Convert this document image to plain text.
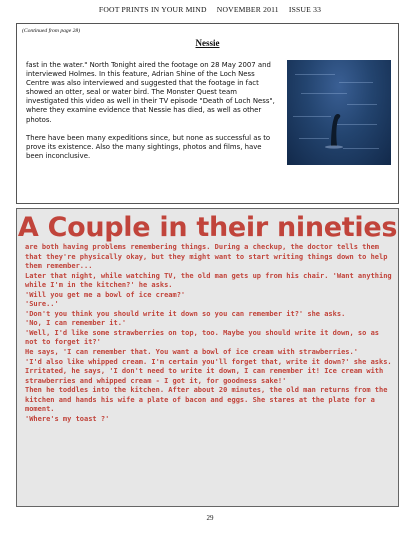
FOOT PRINTS IN YOUR MIND NOVEMBER 2011 ISSUE 33
(Continued from page 28)
Nessie

fast in the water." North Tonight aired the footage on 28 May 2007 and interviewed Holmes. In this feature, Adrian Shine of the Loch Ness Centre was also interviewed and suggested that the footage in fact showed an otter, seal or water bird. The Monster Quest team investigated this video as well in their TV episode "Death of Loch Ness", where they examine evidence that Nessie has died, as well as other photos.

There have been many expeditions since, but none as successful as to prove its existence. Also the many sightings, photos and films, have been inconclusive.

A Couple in their nineties

are both having problems remembering things. During a checkup, the doctor tells them that they're physically okay, but they might want to start writing things down to help them remember...

Later that night, while watching TV, the old man gets up from his chair. 'Want anything while I'm in the kitchen?' he asks.

'Will you get me a bowl of ice cream?'

'Sure..'

'Don't you think you should write it down so you can remember it?' she asks.

'No, I can remember it.'

'Well, I'd like some strawberries on top, too. Maybe you should write it down, so as not to forget it?'

He says, 'I can remember that. You want a bowl of ice cream with strawberries.'

'I'd also like whipped cream. I'm certain you'll forget that, write it down?' she asks.

Irritated, he says, 'I don't need to write it down, I can remember it! Ice cream with strawberries and whipped cream - I got it, for goodness sake!'

Then he toddles into the kitchen. After about 20 minutes, the old man returns from the kitchen and hands his wife a plate of bacon and eggs. She stares at the plate for a moment.

'Where's my toast ?'

29
